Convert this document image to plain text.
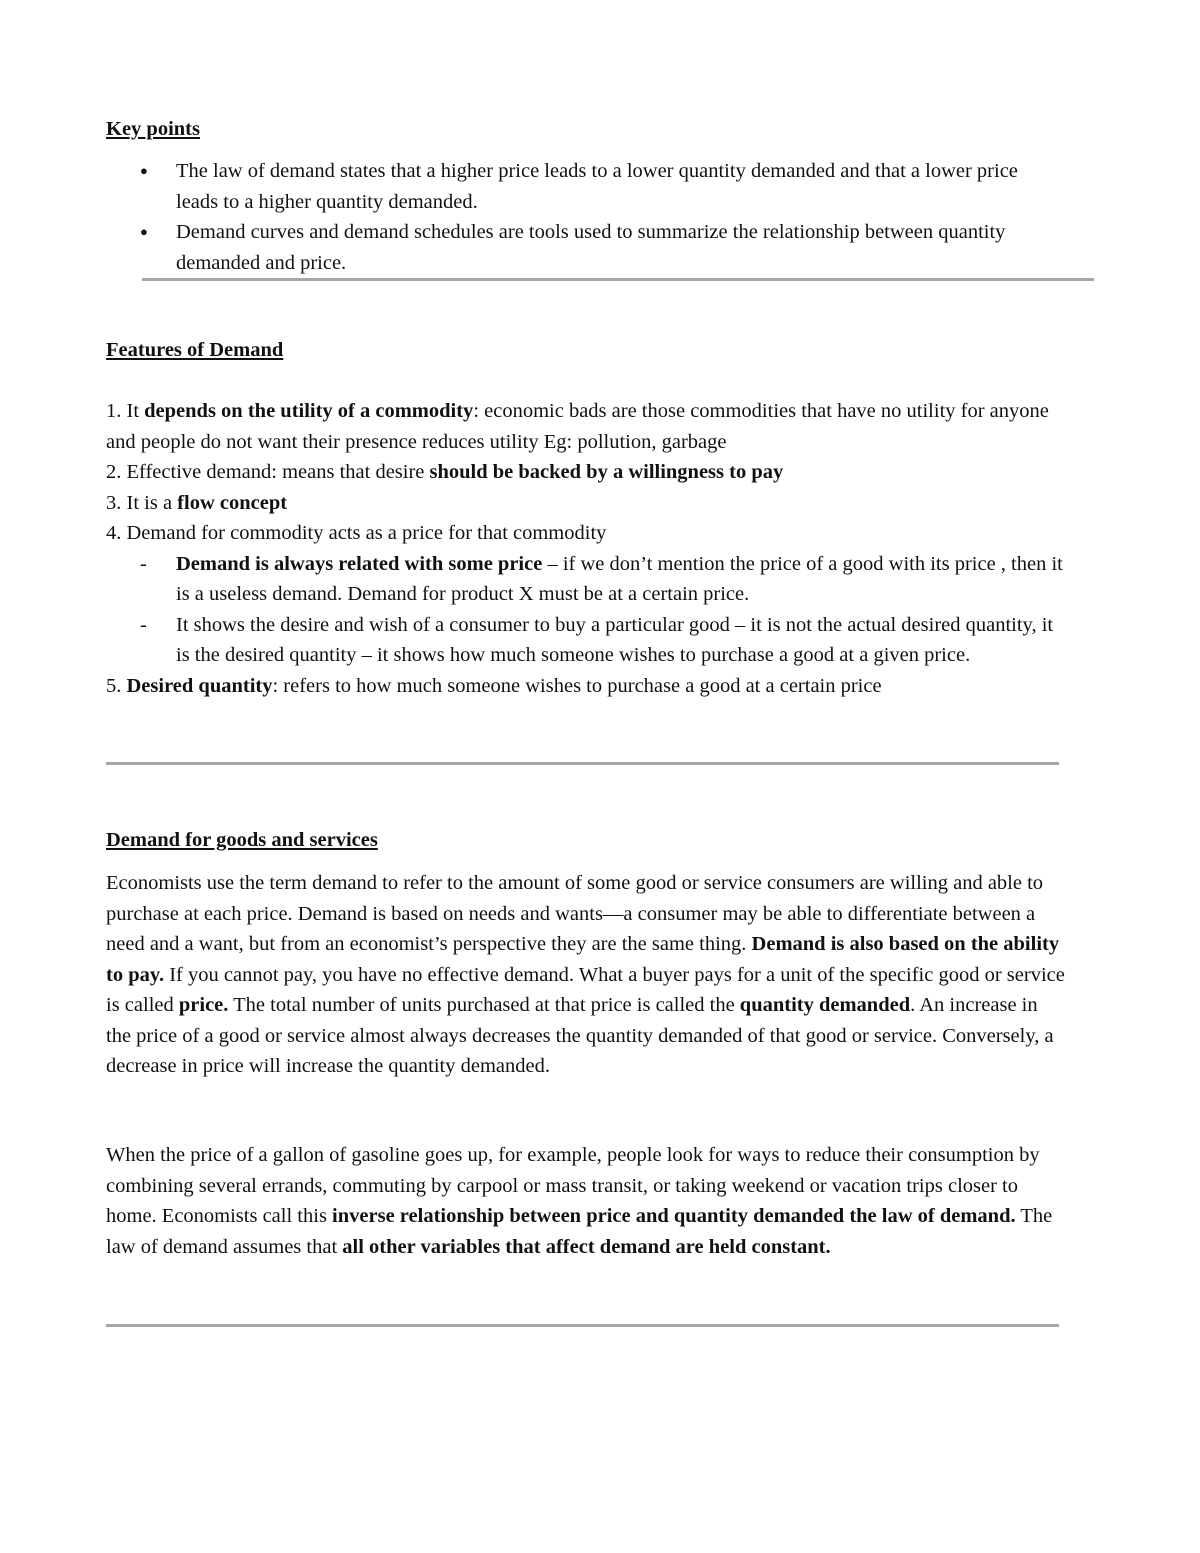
Key points
● The law of demand states that a higher price leads to a lower quantity demanded and that a lower price leads to a higher quantity demanded.
● Demand curves and demand schedules are tools used to summarize the relationship between quantity demanded and price.
Features of Demand

1. It depends on the utility of a commodity: economic bads are those commodities that have no utility for anyone and people do not want their presence reduces utility Eg: pollution, garbage

2. Effective demand: means that desire should be backed by a willingness to pay

3. It is a flow concept

4. Demand for commodity acts as a price for that commodity

- Demand is always related with some price – if we don’t mention the price of a good with its price , then it is a useless demand. Demand for product X must be at a certain price.

- It shows the desire and wish of a consumer to buy a particular good – it is not the actual desired quantity, it is the desired quantity – it shows how much someone wishes to purchase a good at a given price.

5. Desired quantity: refers to how much someone wishes to purchase a good at a certain price

Demand for goods and services

Economists use the term demand to refer to the amount of some good or service consumers are willing and able to purchase at each price. Demand is based on needs and wants—a consumer may be able to differentiate between a need and a want, but from an economist’s perspective they are the same thing. Demand is also based on the ability to pay. If you cannot pay, you have no effective demand. What a buyer pays for a unit of the specific good or service is called price. The total number of units purchased at that price is called the quantity demanded. An increase in the price of a good or service almost always decreases the quantity demanded of that good or service. Conversely, a decrease in price will increase the quantity demanded.

When the price of a gallon of gasoline goes up, for example, people look for ways to reduce their consumption by combining several errands, commuting by carpool or mass transit, or taking weekend or vacation trips closer to home. Economists call this inverse relationship between price and quantity demanded the law of demand. The law of demand assumes that all other variables that affect demand are held constant.
